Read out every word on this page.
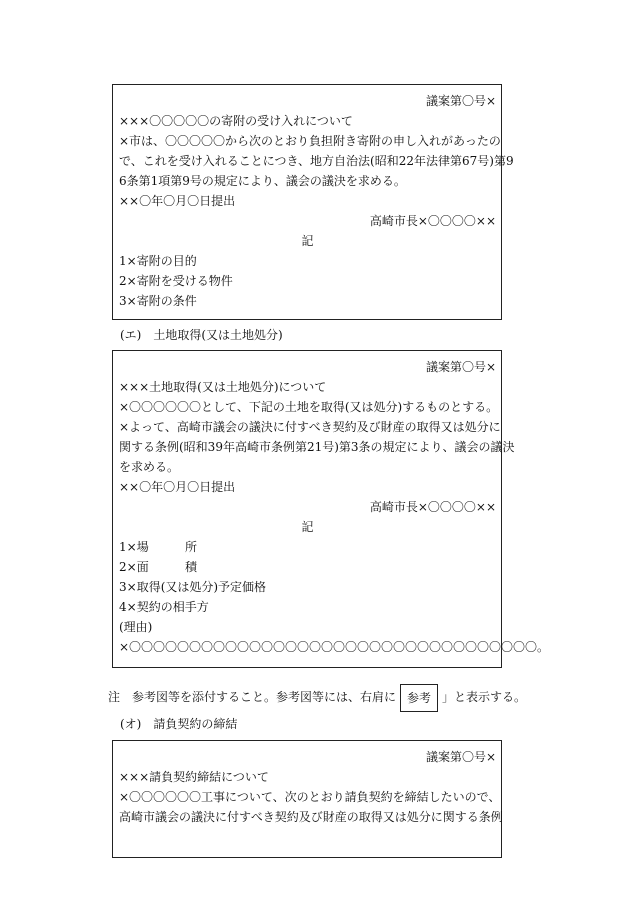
議案第〇号×
×××〇〇〇〇〇の寄附の受け入れについて
×市は、〇〇〇〇〇から次のとおり負担附き寄附の申し入れがあったの
で、これを受け入れることにつき、地方自治法(昭和22年法律第67号)第9
6条第1項第9号の規定により、議会の議決を求める。
××〇年〇月〇日提出
高崎市長×〇〇〇〇××
記
1×寄附の目的
2×寄附を受ける物件
3×寄附の条件
(エ)　土地取得(又は土地処分)
議案第〇号×
×××土地取得(又は土地処分)について
×〇〇〇〇〇〇として、下記の土地を取得(又は処分)するものとする。
×よって、高崎市議会の議決に付すべき契約及び財産の取得又は処分に
関する条例(昭和39年高崎市条例第21号)第3条の規定により、議会の議決
を求める。
××〇年〇月〇日提出
高崎市長×〇〇〇〇××
記
1×場	所
2×面	積
3×取得(又は処分)予定価格
4×契約の相手方
(理由)
×〇〇〇〇〇〇〇〇〇〇〇〇〇〇〇〇〇〇〇〇〇〇〇〇〇〇〇〇〇〇〇〇〇〇。
注　参考図等を添付すること。参考図等には、右肩に 参考 」と表示する。
(オ)　請負契約の締結
議案第〇号×
×××請負契約締結について
×〇〇〇〇〇〇工事について、次のとおり請負契約を締結したいので、
高崎市議会の議決に付すべき契約及び財産の取得又は処分に関する条例
